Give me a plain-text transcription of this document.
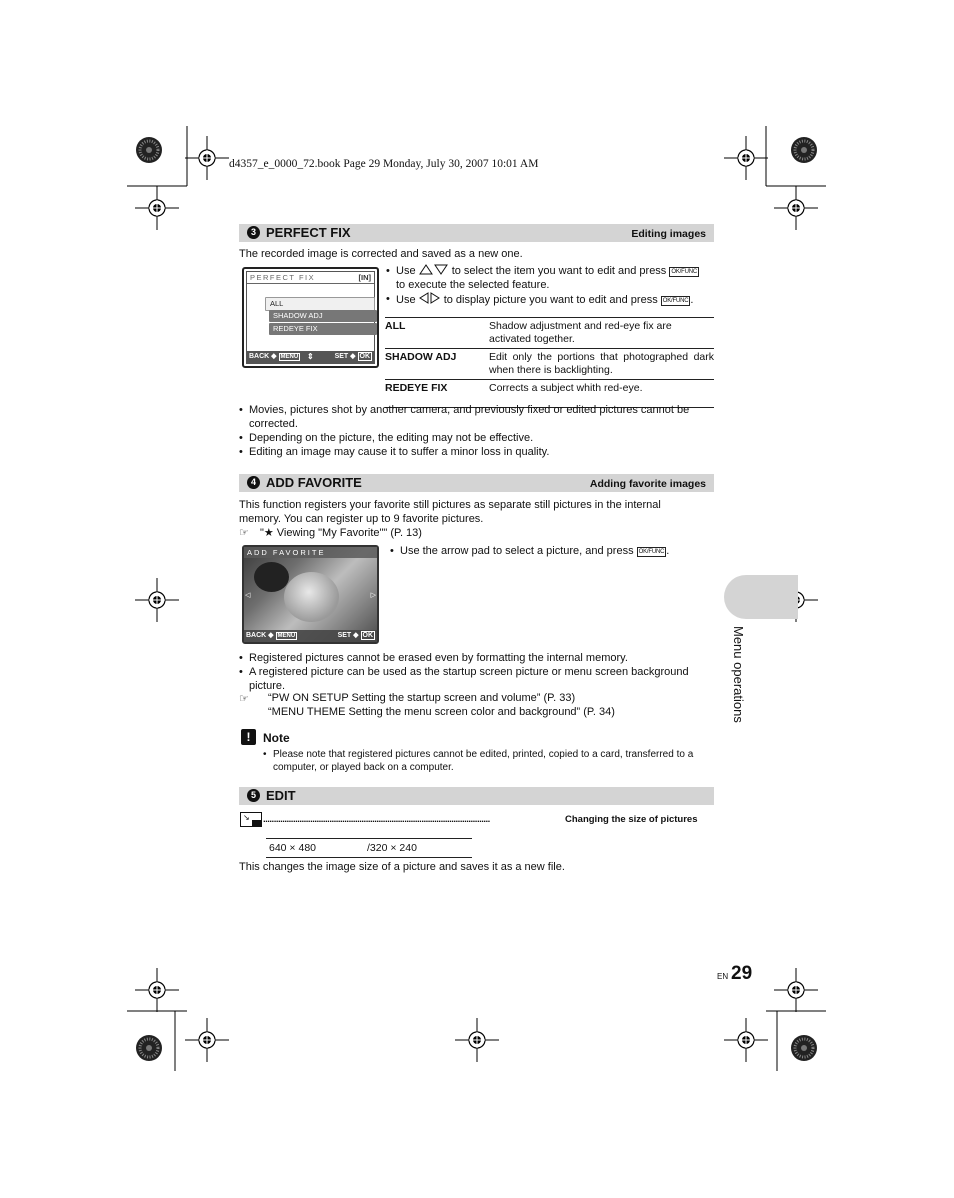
d4357_e_0000_72.book Page 29 Monday, July 30, 2007 10:01 AM
3 PERFECT FIX	Editing images
The recorded image is corrected and saved as a new one.
PERFECT FIX	[IN]
ALL
SHADOW ADJ
REDEYE FIX
BACK ◆ MENU ⇕	SET ◆ OK
• Use	to select the item you want to edit and press OK/FUNC
to execute the selected feature.
• Use	to display picture you want to edit and press OK/FUNC .
ALL	Shadow adjustment and red-eye fix are activated together.
SHADOW ADJ	Edit only the portions that photographed dark when there is backlighting.
REDEYE FIX	Corrects a subject whith red-eye.
• Movies, pictures shot by another camera, and previously fixed or edited pictures cannot be corrected.
• Depending on the picture, the editing may not be effective.
• Editing an image may cause it to suffer a minor loss in quality.
4 ADD FAVORITE	Adding favorite images
This function registers your favorite still pictures as separate still pictures in the internal
memory. You can register up to 9 favorite pictures.
☞ "★ Viewing "My Favorite"" (P. 13)
ADD FAVORITE
◁	▷
BACK ◆ MENU	SET ◆ OK
• Use the arrow pad to select a picture, and press OK/FUNC .
• Registered pictures cannot be erased even by formatting the internal memory.
• A registered picture can be used as the startup screen picture or menu screen background picture.
☞ “PW ON SETUP Setting the startup screen and volume” (P. 33)
“MENU THEME Setting the menu screen color and background” (P. 34)
!	Note
• Please note that registered pictures cannot be edited, printed, copied to a card, transferred to a computer, or played back on a computer.
5 EDIT
↘ ..........................................................................................................	Changing the size of pictures
640 × 480	/320 × 240
This changes the image size of a picture and saves it as a new file.
Menu operations
EN 29
